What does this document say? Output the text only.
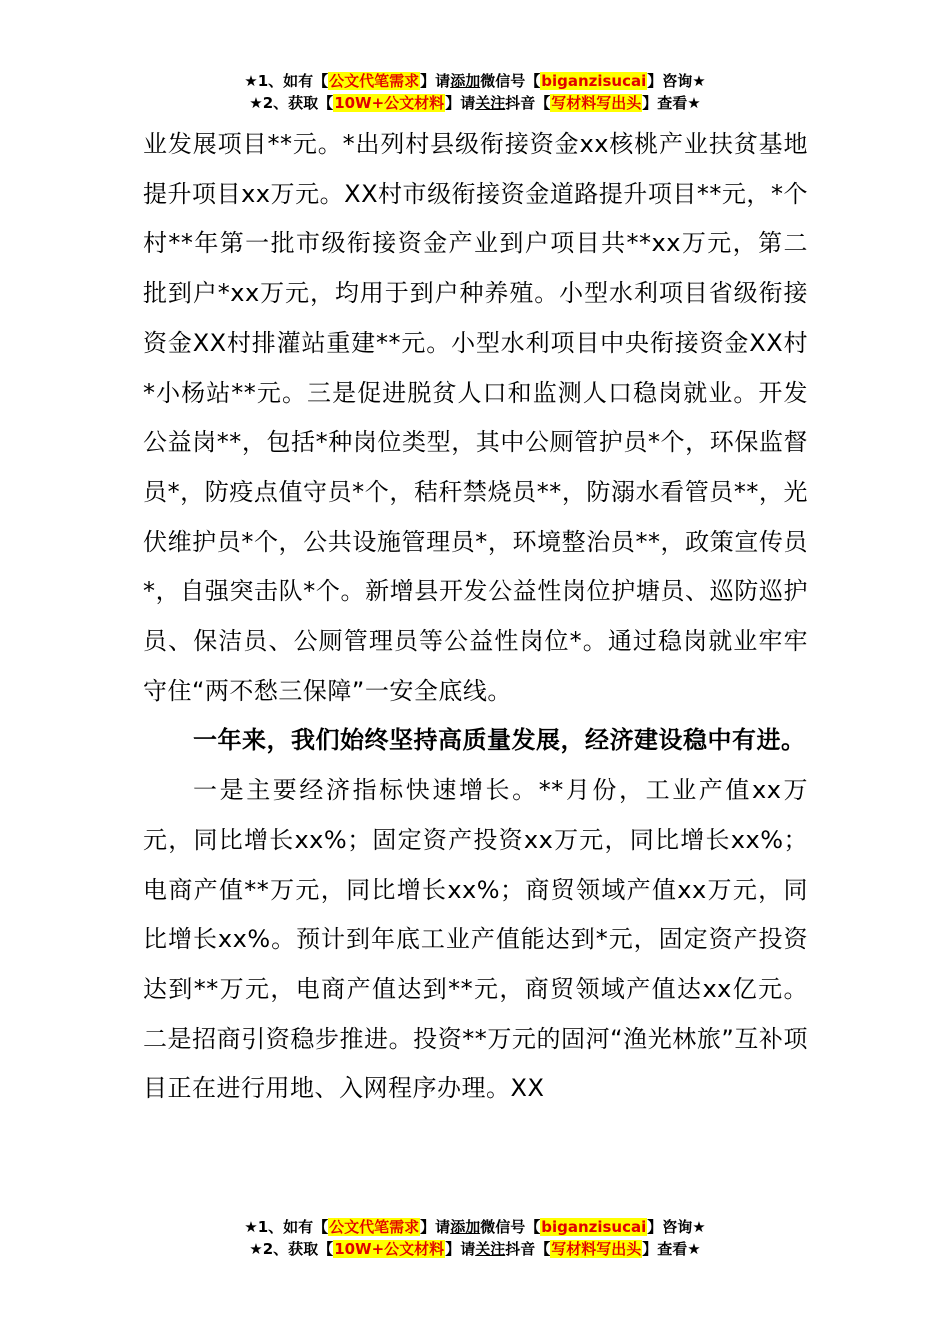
★1、如有【公文代笔需求】请添加微信号【biganzisucai】咨询★
★2、获取【10W+公文材料】请关注抖音【写材料写出头】查看★

业发展项目**元。*出列村县级衔接资金xx核桃产业扶贫基地提升项目xx万元。XX村市级衔接资金道路提升项目**元，*个村**年第一批市级衔接资金产业到户项目共**xx万元，第二批到户*xx万元，均用于到户种养殖。小型水利项目省级衔接资金XX村排灌站重建**元。小型水利项目中央衔接资金XX村*小杨站**元。三是促进脱贫人口和监测人口稳岗就业。开发公益岗**，包括*种岗位类型，其中公厕管护员*个，环保监督员*，防疫点值守员*个，秸秆禁烧员**，防溺水看管员**，光伏维护员*个，公共设施管理员*，环境整治员**，政策宣传员*，自强突击队*个。新增县开发公益性岗位护塘员、巡防巡护员、保洁员、公厕管理员等公益性岗位*。通过稳岗就业牢牢守住“两不愁三保障”一安全底线。

一年来，我们始终坚持高质量发展，经济建设稳中有进。

一是主要经济指标快速增长。**月份，工业产值xx万元，同比增长xx%；固定资产投资xx万元，同比增长xx%；电商产值**万元，同比增长xx%；商贸领域产值xx万元，同比增长xx%。预计到年底工业产值能达到*元，固定资产投资达到**万元，电商产值达到**元，商贸领域产值达xx亿元。二是招商引资稳步推进。投资**万元的固河“渔光林旅”互补项目正在进行用地、入网程序办理。XX

★1、如有【公文代笔需求】请添加微信号【biganzisucai】咨询★
★2、获取【10W+公文材料】请关注抖音【写材料写出头】查看★
